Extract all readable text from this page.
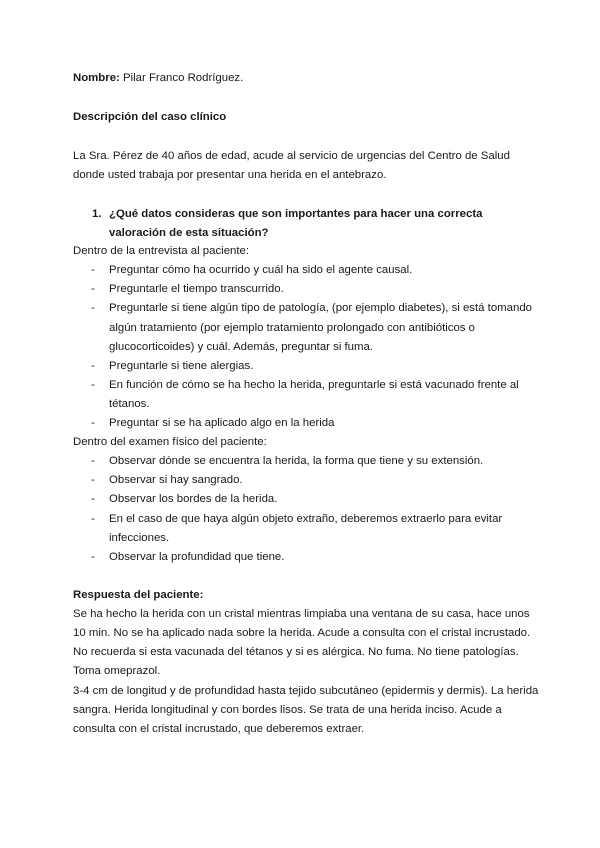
Nombre: Pilar Franco Rodríguez.
Descripción del caso clínico
La Sra. Pérez de 40 años de edad, acude al servicio de urgencias del Centro de Salud
donde usted trabaja por presentar una herida en el antebrazo.
1. ¿Qué datos consideras que son importantes para hacer una correcta
valoración de esta situación?
Dentro de la entrevista al paciente:
- Preguntar cómo ha ocurrido y cuál ha sido el agente causal.
- Preguntarle el tiempo transcurrido.
- Preguntarle si tiene algún tipo de patología, (por ejemplo diabetes), si está tomando
algún tratamiento (por ejemplo tratamiento prolongado con antibióticos o
glucocorticoides) y cuál. Además, preguntar si fuma.
- Preguntarle si tiene alergias.
- En función de cómo se ha hecho la herida, preguntarle si está vacunado frente al
tétanos.
- Preguntar si se ha aplicado algo en la herida
Dentro del examen físico del paciente:
- Observar dónde se encuentra la herida, la forma que tiene y su extensión.
- Observar si hay sangrado.
- Observar los bordes de la herida.
- En el caso de que haya algún objeto extraño, deberemos extraerlo para evitar
infecciones.
- Observar la profundidad que tiene.
Respuesta del paciente:
Se ha hecho la herida con un cristal mientras limpiaba una ventana de su casa, hace unos
10 min. No se ha aplicado nada sobre la herida. Acude a consulta con el cristal incrustado.
No recuerda si esta vacunada del tétanos y si es alérgica. No fuma. No tiene patologías.
Toma omeprazol.
3-4 cm de longitud y de profundidad hasta tejido subcutáneo (epidermis y dermis). La herida
sangra. Herida longitudinal y con bordes lisos. Se trata de una herida inciso. Acude a
consulta con el cristal incrustado, que deberemos extraer.
